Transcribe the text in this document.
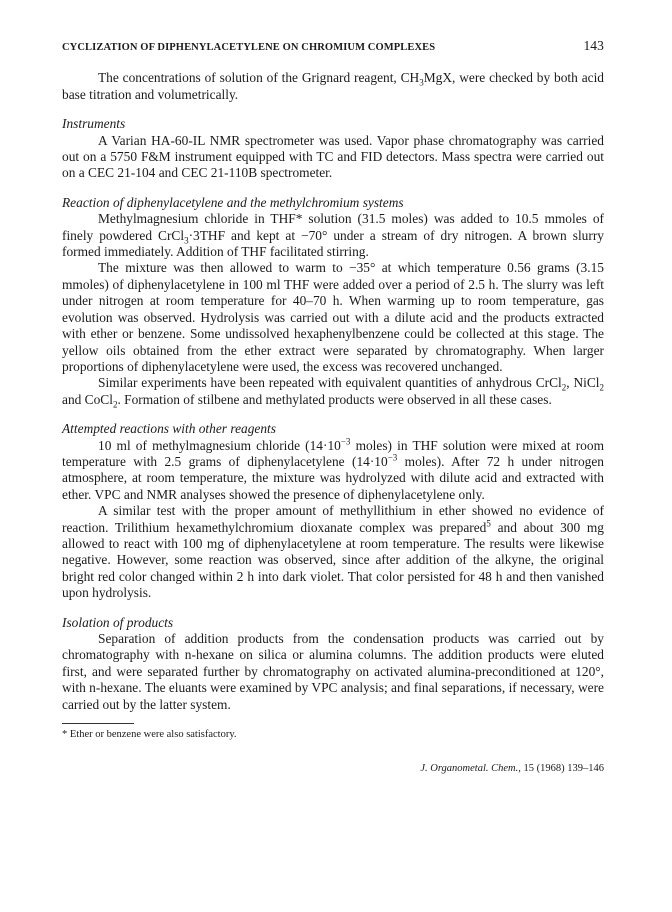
CYCLIZATION OF DIPHENYLACETYLENE ON CHROMIUM COMPLEXES	143

The concentrations of solution of the Grignard reagent, $CH_3MgX$, were checked by both acid base titration and volumetrically.

Instruments

A Varian HA-60-IL NMR spectrometer was used. Vapor phase chromatography was carried out on a 5750 F&M instrument equipped with TC and FID detectors. Mass spectra were carried out on a CEC 21-104 and CEC 21-110B spectrometer.

Reaction of diphenylacetylene and the methylchromium systems

Methylmagnesium chloride in THF* solution (31.5 moles) was added to 10.5 mmoles of finely powdered CrCl$_3$·3THF and kept at −70° under a stream of dry nitrogen. A brown slurry formed immediately. Addition of THF facilitated stirring.

The mixture was then allowed to warm to −35° at which temperature 0.56 grams (3.15 mmoles) of diphenylacetylene in 100 ml THF were added over a period of 2.5 h. The slurry was left under nitrogen at room temperature for 40–70 h. When warming up to room temperature, gas evolution was observed. Hydrolysis was carried out with a dilute acid and the products extracted with ether or benzene. Some undissolved hexaphenylbenzene could be collected at this stage. The yellow oils obtained from the ether extract were separated by chromatography. When larger proportions of diphenylacetylene were used, the excess was recovered unchanged.

Similar experiments have been repeated with equivalent quantities of anhydrous CrCl$_2$, NiCl$_2$ and CoCl$_2$. Formation of stilbene and methylated products were observed in all these cases.

Attempted reactions with other reagents

10 ml of methylmagnesium chloride ($14\cdot 10^{-3}$ moles) in THF solution were mixed at room temperature with 2.5 grams of diphenylacetylene ($14\cdot 10^{-3}$ moles). After 72 h under nitrogen atmosphere, at room temperature, the mixture was hydrolyzed with dilute acid and extracted with ether. VPC and NMR analyses showed the presence of diphenylacetylene only.

A similar test with the proper amount of methyllithium in ether showed no evidence of reaction. Trilithium hexamethylchromium dioxanate complex was prepared$^5$ and about 300 mg allowed to react with 100 mg of diphenylacetylene at room temperature. The results were likewise negative. However, some reaction was observed, since after addition of the alkyne, the original bright red color changed within 2 h into dark violet. That color persisted for 48 h and then vanished upon hydrolysis.

Isolation of products

Separation of addition products from the condensation products was carried out by chromatography with n-hexane on silica or alumina columns. The addition products were eluted first, and were separated further by chromatography on activated alumina-preconditioned at 120°, with n-hexane. The eluants were examined by VPC analysis; and final separations, if necessary, were carried out by the latter system.

* Ether or benzene were also satisfactory.
J. Organometal. Chem., 15 (1968) 139–146
